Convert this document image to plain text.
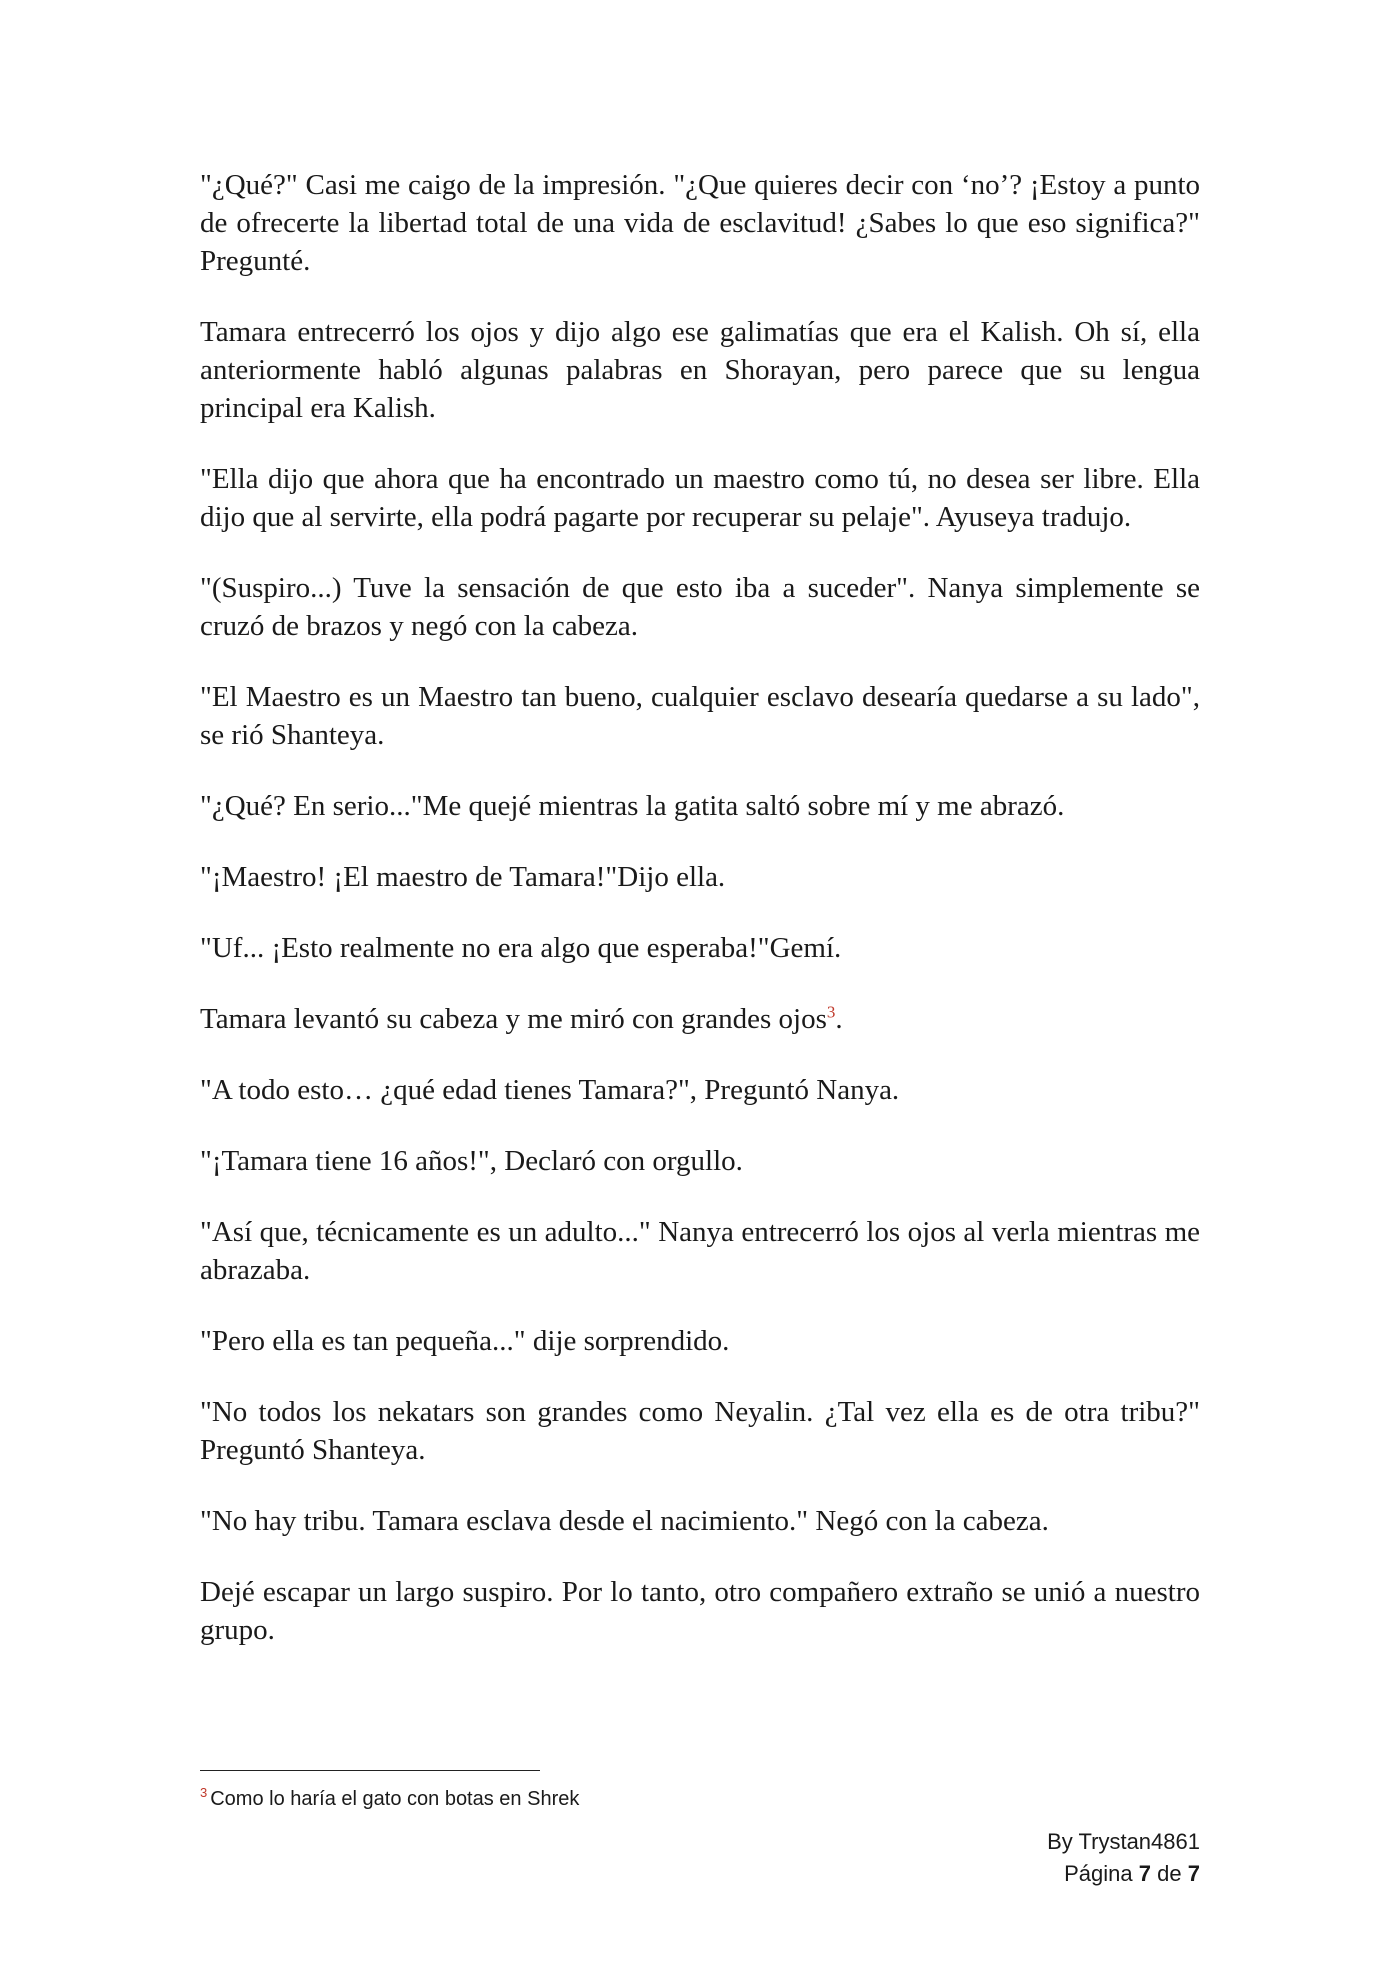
"¿Qué?" Casi me caigo de la impresión. "¿Que quieres decir con ‘no’? ¡Estoy a punto de ofrecerte la libertad total de una vida de esclavitud! ¿Sabes lo que eso significa?" Pregunté.

Tamara entrecerró los ojos y dijo algo ese galimatías que era el Kalish. Oh sí, ella anteriormente habló algunas palabras en Shorayan, pero parece que su lengua principal era Kalish.

"Ella dijo que ahora que ha encontrado un maestro como tú, no desea ser libre. Ella dijo que al servirte, ella podrá pagarte por recuperar su pelaje". Ayuseya tradujo.

"(Suspiro...) Tuve la sensación de que esto iba a suceder". Nanya simplemente se cruzó de brazos y negó con la cabeza.

"El Maestro es un Maestro tan bueno, cualquier esclavo desearía quedarse a su lado", se rió Shanteya.

"¿Qué? En serio..."Me quejé mientras la gatita saltó sobre mí y me abrazó.

"¡Maestro! ¡El maestro de Tamara!"Dijo ella.

"Uf... ¡Esto realmente no era algo que esperaba!"Gemí.

Tamara levantó su cabeza y me miró con grandes ojos$^3$.

"A todo esto… ¿qué edad tienes Tamara?", Preguntó Nanya.

"¡Tamara tiene 16 años!", Declaró con orgullo.

"Así que, técnicamente es un adulto..." Nanya entrecerró los ojos al verla mientras me abrazaba.

"Pero ella es tan pequeña..." dije sorprendido.

"No todos los nekatars son grandes como Neyalin. ¿Tal vez ella es de otra tribu?" Preguntó Shanteya.

"No hay tribu. Tamara esclava desde el nacimiento." Negó con la cabeza.

Dejé escapar un largo suspiro. Por lo tanto, otro compañero extraño se unió a nuestro grupo.

$^3$ Como lo haría el gato con botas en Shrek
By Trystan4861
Página 7 de 7
